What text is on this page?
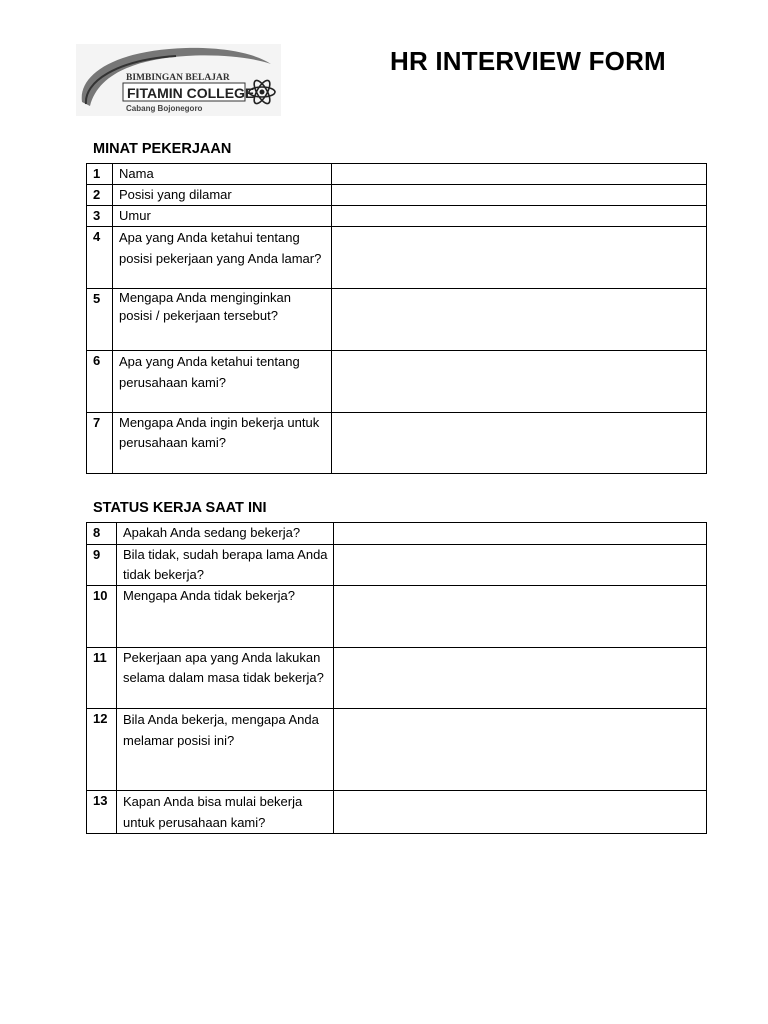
BIMBINGAN BELAJAR
FITAMIN COLLEGE
Cabang Bojonegoro
HR INTERVIEW FORM
MINAT PEKERJAAN
1	Nama	
2	Posisi yang dilamar	
3	Umur	
4	Apa yang Anda ketahui tentang posisi pekerjaan yang Anda lamar?	
5	Mengapa Anda menginginkan posisi / pekerjaan tersebut?	
6	Apa yang Anda ketahui tentang perusahaan kami?	
7	Mengapa Anda ingin bekerja untuk perusahaan kami?	
STATUS KERJA SAAT INI
8	Apakah Anda sedang bekerja?	
9	Bila tidak, sudah berapa lama Anda tidak bekerja?	
10	Mengapa Anda tidak bekerja?	
11	Pekerjaan apa yang Anda lakukan selama dalam masa tidak bekerja?	
12	Bila Anda bekerja, mengapa Anda melamar posisi ini?	
13	Kapan Anda bisa mulai bekerja untuk perusahaan kami?	
